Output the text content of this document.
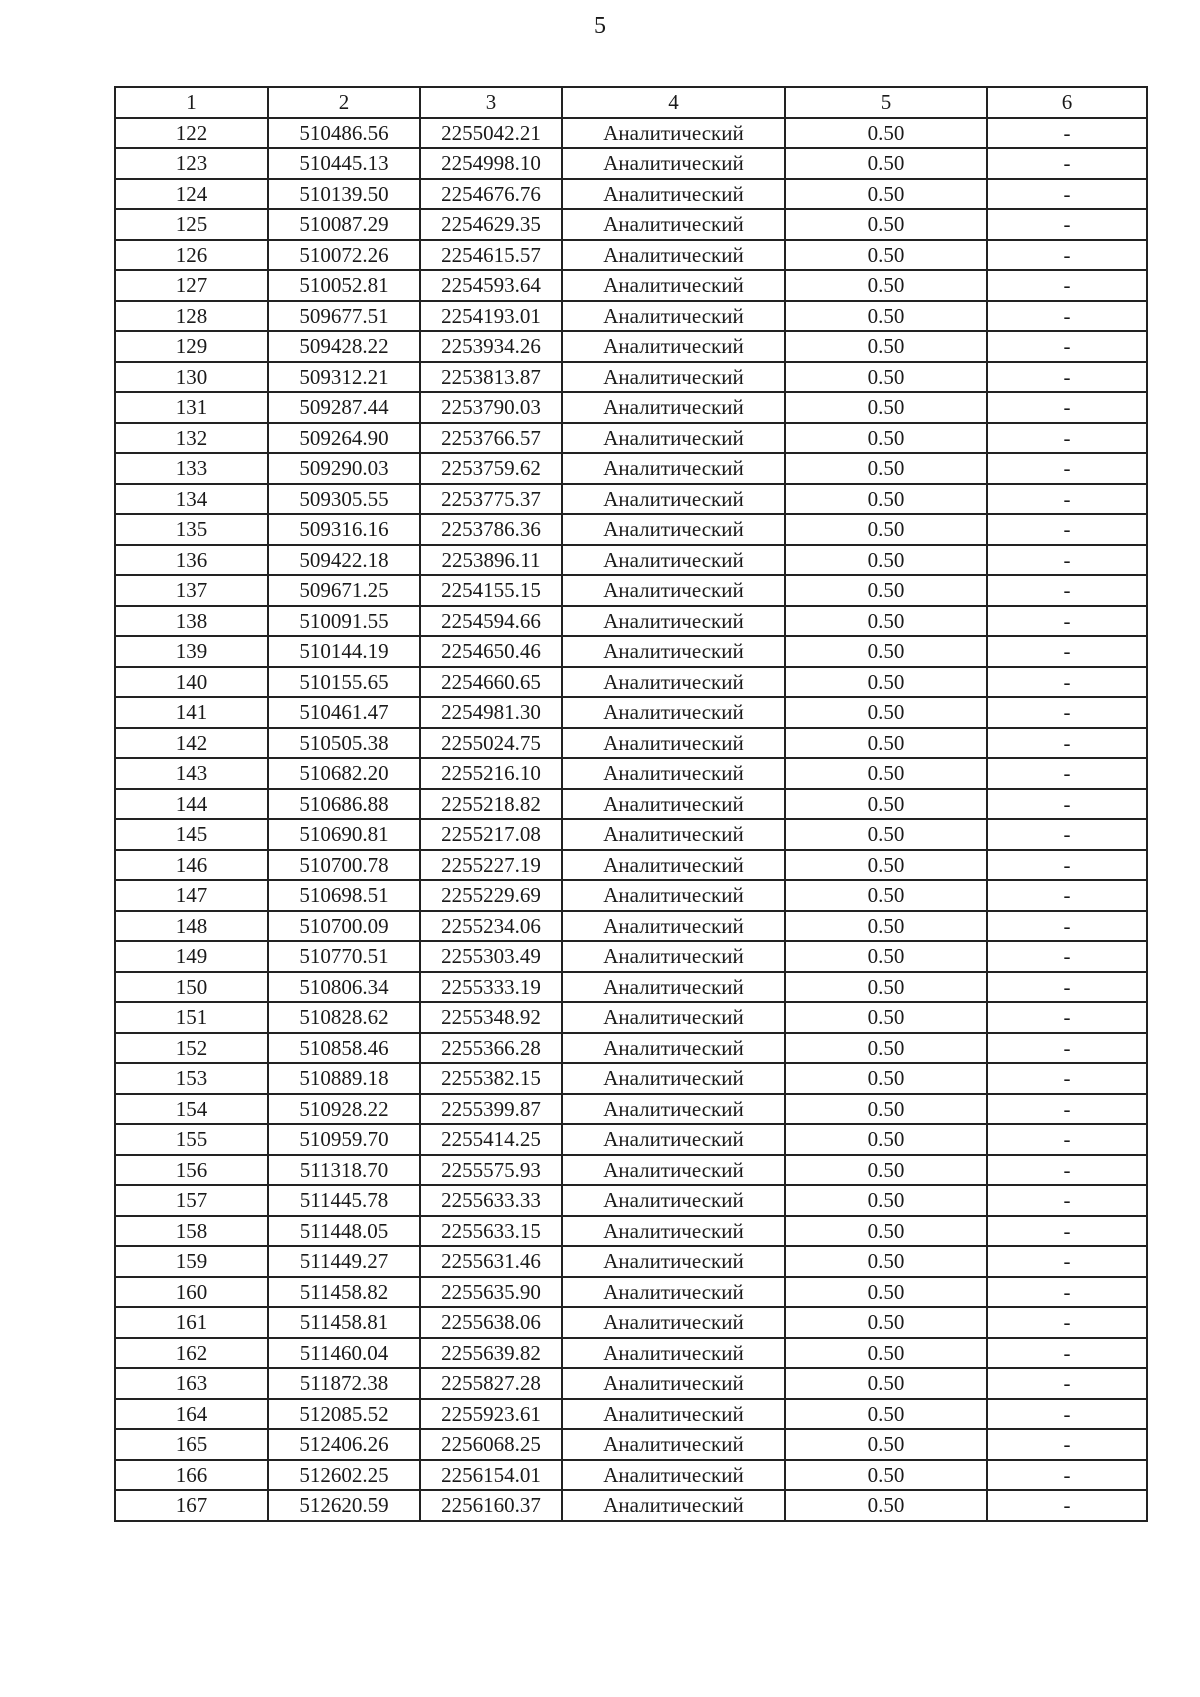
5
1	2	3	4	5	6
122	510486.56	2255042.21	Аналитический	0.50	-
123	510445.13	2254998.10	Аналитический	0.50	-
124	510139.50	2254676.76	Аналитический	0.50	-
125	510087.29	2254629.35	Аналитический	0.50	-
126	510072.26	2254615.57	Аналитический	0.50	-
127	510052.81	2254593.64	Аналитический	0.50	-
128	509677.51	2254193.01	Аналитический	0.50	-
129	509428.22	2253934.26	Аналитический	0.50	-
130	509312.21	2253813.87	Аналитический	0.50	-
131	509287.44	2253790.03	Аналитический	0.50	-
132	509264.90	2253766.57	Аналитический	0.50	-
133	509290.03	2253759.62	Аналитический	0.50	-
134	509305.55	2253775.37	Аналитический	0.50	-
135	509316.16	2253786.36	Аналитический	0.50	-
136	509422.18	2253896.11	Аналитический	0.50	-
137	509671.25	2254155.15	Аналитический	0.50	-
138	510091.55	2254594.66	Аналитический	0.50	-
139	510144.19	2254650.46	Аналитический	0.50	-
140	510155.65	2254660.65	Аналитический	0.50	-
141	510461.47	2254981.30	Аналитический	0.50	-
142	510505.38	2255024.75	Аналитический	0.50	-
143	510682.20	2255216.10	Аналитический	0.50	-
144	510686.88	2255218.82	Аналитический	0.50	-
145	510690.81	2255217.08	Аналитический	0.50	-
146	510700.78	2255227.19	Аналитический	0.50	-
147	510698.51	2255229.69	Аналитический	0.50	-
148	510700.09	2255234.06	Аналитический	0.50	-
149	510770.51	2255303.49	Аналитический	0.50	-
150	510806.34	2255333.19	Аналитический	0.50	-
151	510828.62	2255348.92	Аналитический	0.50	-
152	510858.46	2255366.28	Аналитический	0.50	-
153	510889.18	2255382.15	Аналитический	0.50	-
154	510928.22	2255399.87	Аналитический	0.50	-
155	510959.70	2255414.25	Аналитический	0.50	-
156	511318.70	2255575.93	Аналитический	0.50	-
157	511445.78	2255633.33	Аналитический	0.50	-
158	511448.05	2255633.15	Аналитический	0.50	-
159	511449.27	2255631.46	Аналитический	0.50	-
160	511458.82	2255635.90	Аналитический	0.50	-
161	511458.81	2255638.06	Аналитический	0.50	-
162	511460.04	2255639.82	Аналитический	0.50	-
163	511872.38	2255827.28	Аналитический	0.50	-
164	512085.52	2255923.61	Аналитический	0.50	-
165	512406.26	2256068.25	Аналитический	0.50	-
166	512602.25	2256154.01	Аналитический	0.50	-
167	512620.59	2256160.37	Аналитический	0.50	-
